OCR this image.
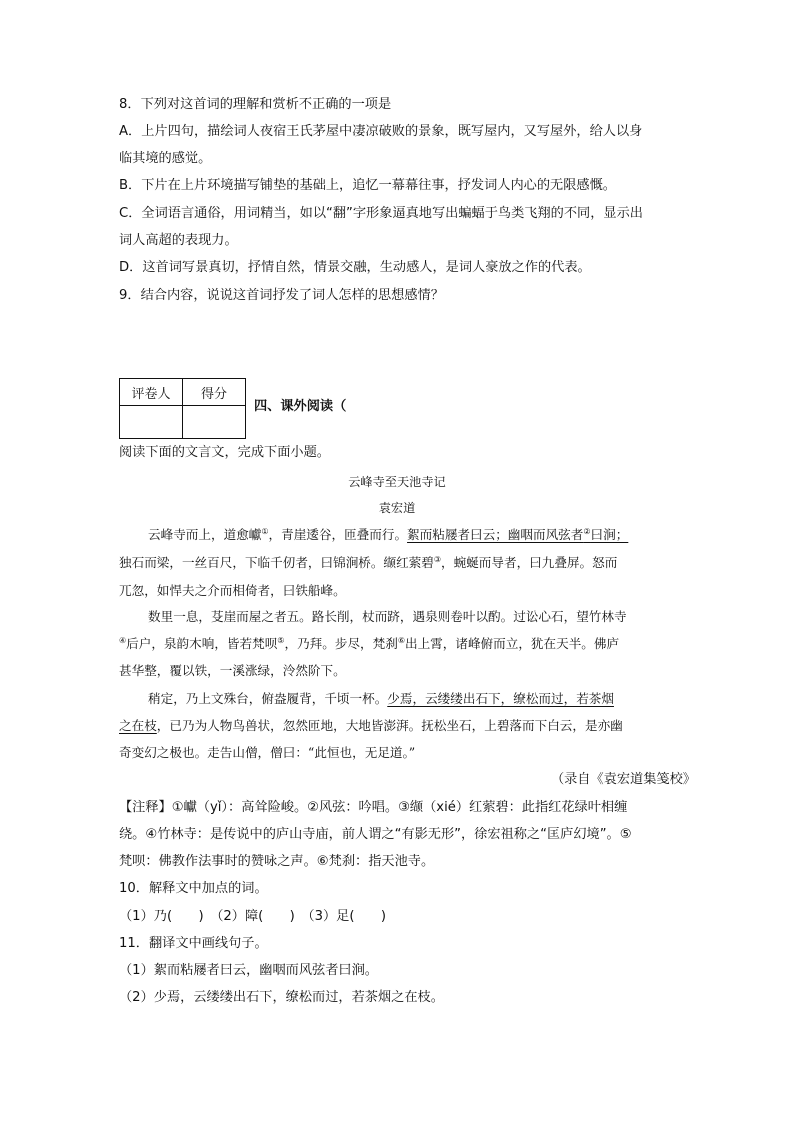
8．下列对这首词的理解和赏析不正确的一项是
A．上片四句，描绘词人夜宿王氏茅屋中凄凉破败的景象，既写屋内，又写屋外，给人以身
临其境的感觉。
B．下片在上片环境描写铺垫的基础上，追忆一幕幕往事，抒发词人内心的无限感慨。
C．全词语言通俗，用词精当，如以“翻”字形象逼真地写出蝙蝠于鸟类飞翔的不同，显示出
词人高超的表现力。
D．这首词写景真切，抒情自然，情景交融，生动感人，是词人豪放之作的代表。
9．结合内容，说说这首词抒发了词人怎样的思想感情？
评卷人	得分

四、课外阅读（
阅读下面的文言文，完成下面小题。
云峰寺至天池寺记
袁宏道
云峰寺而上，道愈巘①，青崖逶谷，匝叠而行。絮而粘屦者曰云；幽咽而风弦者②曰涧；
独石而梁，一丝百尺，下临千仞者，曰锦涧桥。缬红萦碧③，蜿蜒而导者，曰九叠屏。怒而
兀忽，如悍夫之介而相倚者，曰铁船峰。
数里一息，芟崖而屋之者五。路长削，杖而跻，遇泉则卷叶以酌。过讼心石，望竹林寺
④后户，泉韵木响，皆若梵呗⑤，乃拜。步尽，梵刹⑥出上霄，诸峰俯而立，犹在天半。佛庐
甚华整，覆以铁，一溪涨绿，泠然阶下。
稍定，乃上文殊台，俯盎履背，千顷一杯。少焉，云缕缕出石下，缭松而过，若茶烟
之在枝，已乃为人物鸟兽状，忽然匝地，大地皆澎湃。抚松坐石，上碧落而下白云，是亦幽
奇变幻之极也。走告山僧，僧曰：“此恒也，无足道。”
（录自《袁宏道集笺校》
【注释】①巘（yǐ）：高耸险峻。②风弦：吟唱。③缬（xié）红萦碧：此指红花绿叶相缠
绕。④竹林寺：是传说中的庐山寺庙，前人谓之“有影无形”，徐宏祖称之“匡庐幻境”。⑤
梵呗：佛教作法事时的赞咏之声。⑥梵刹：指天池寺。
10．解释文中加点的词。
（1）乃(　　)　（2）障(　　)　（3）足(　　)
11．翻译文中画线句子。
（1）絮而粘屦者曰云，幽咽而风弦者曰涧。
（2）少焉，云缕缕出石下，缭松而过，若茶烟之在枝。
